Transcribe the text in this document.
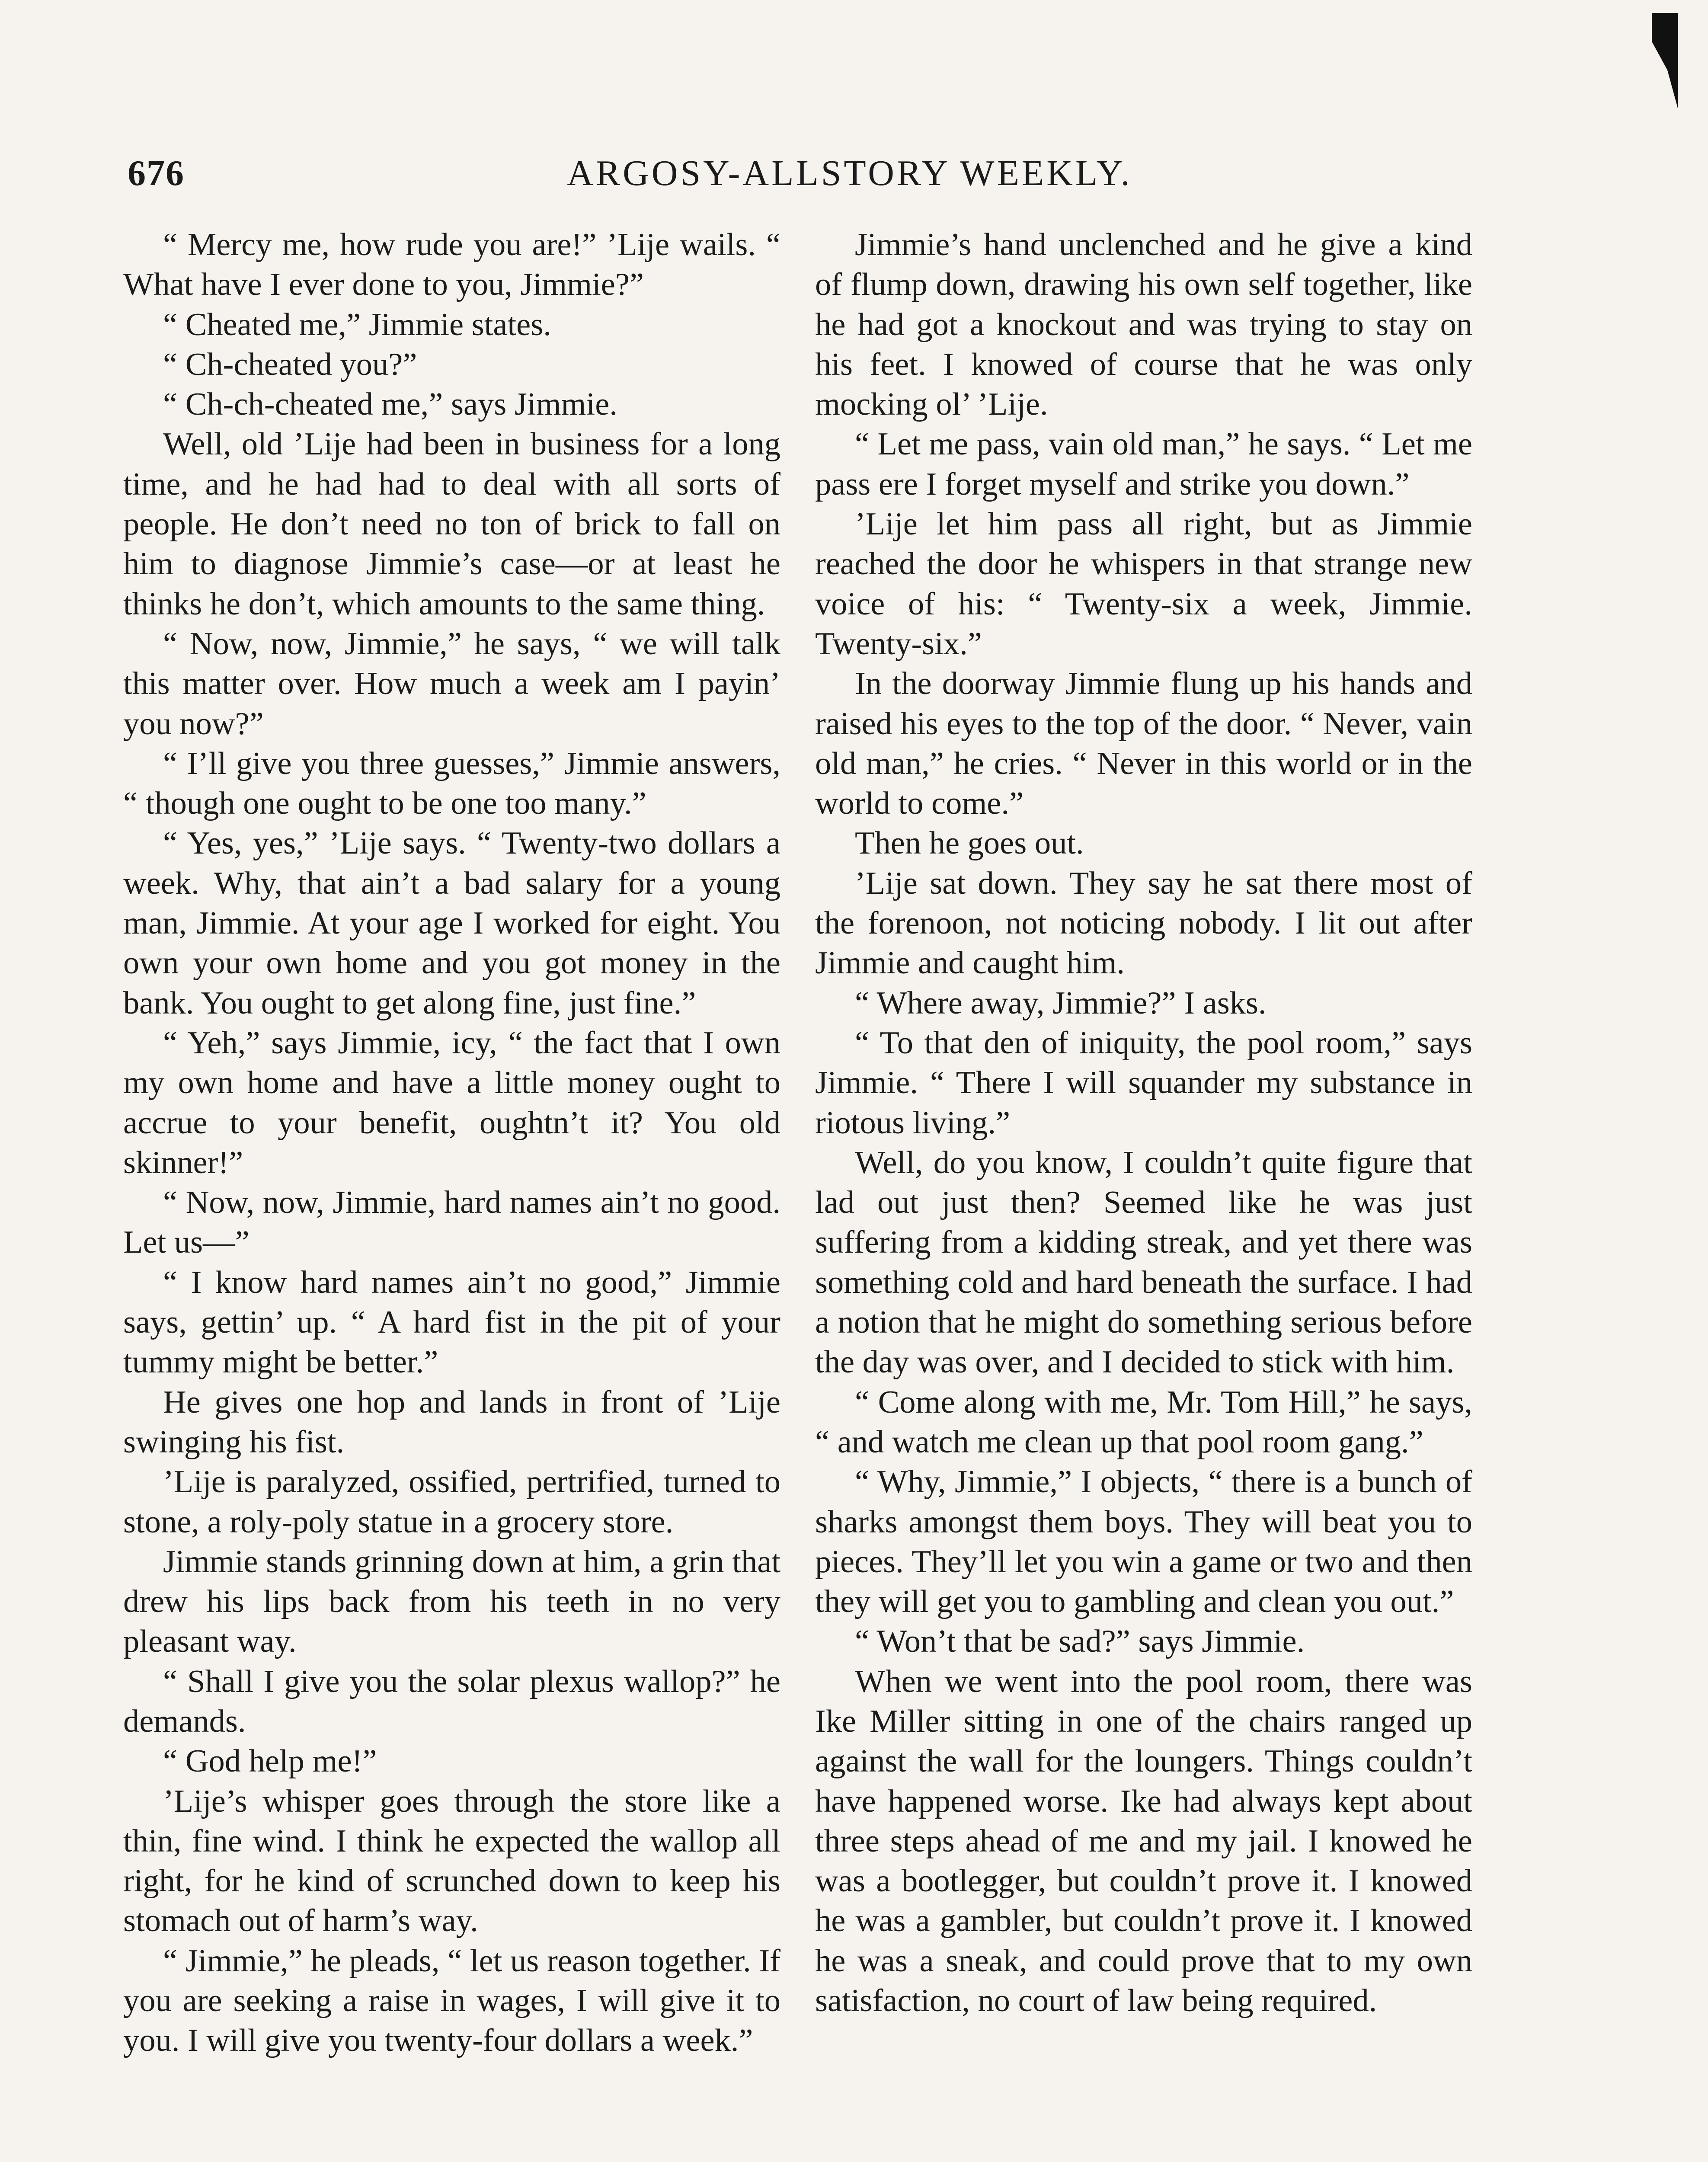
676	ARGOSY-ALLSTORY WEEKLY.

“ Mercy me, how rude you are!” ’Lije wails. “ What have I ever done to you, Jimmie?”

“ Cheated me,” Jimmie states.

“ Ch-cheated you?”

“ Ch-ch-cheated me,” says Jimmie.

Well, old ’Lije had been in business for a long time, and he had had to deal with all sorts of people. He don’t need no ton of brick to fall on him to diagnose Jimmie’s case—or at least he thinks he don’t, which amounts to the same thing.

“ Now, now, Jimmie,” he says, “ we will talk this matter over. How much a week am I payin’ you now?”

“ I’ll give you three guesses,” Jimmie answers, “ though one ought to be one too many.”

“ Yes, yes,” ’Lije says. “ Twenty-two dollars a week. Why, that ain’t a bad salary for a young man, Jimmie. At your age I worked for eight. You own your own home and you got money in the bank. You ought to get along fine, just fine.”

“ Yeh,” says Jimmie, icy, “ the fact that I own my own home and have a little money ought to accrue to your benefit, oughtn’t it? You old skinner!”

“ Now, now, Jimmie, hard names ain’t no good. Let us—”

“ I know hard names ain’t no good,” Jimmie says, gettin’ up. “ A hard fist in the pit of your tummy might be better.”

He gives one hop and lands in front of ’Lije swinging his fist.

’Lije is paralyzed, ossified, pertrified, turned to stone, a roly-poly statue in a grocery store.

Jimmie stands grinning down at him, a grin that drew his lips back from his teeth in no very pleasant way.

“ Shall I give you the solar plexus wallop?” he demands.

“ God help me!”

’Lije’s whisper goes through the store like a thin, fine wind. I think he expected the wallop all right, for he kind of scrunched down to keep his stomach out of harm’s way.

“ Jimmie,” he pleads, “ let us reason together. If you are seeking a raise in wages, I will give it to you. I will give you twenty-four dollars a week.”

Jimmie’s hand unclenched and he give a kind of flump down, drawing his own self together, like he had got a knockout and was trying to stay on his feet. I knowed of course that he was only mocking ol’ ’Lije.

“ Let me pass, vain old man,” he says. “ Let me pass ere I forget myself and strike you down.”

’Lije let him pass all right, but as Jimmie reached the door he whispers in that strange new voice of his: “ Twenty-six a week, Jimmie. Twenty-six.”

In the doorway Jimmie flung up his hands and raised his eyes to the top of the door. “ Never, vain old man,” he cries. “ Never in this world or in the world to come.”

Then he goes out.

’Lije sat down. They say he sat there most of the forenoon, not noticing nobody. I lit out after Jimmie and caught him.

“ Where away, Jimmie?” I asks.

“ To that den of iniquity, the pool room,” says Jimmie. “ There I will squander my substance in riotous living.”

Well, do you know, I couldn’t quite figure that lad out just then? Seemed like he was just suffering from a kidding streak, and yet there was something cold and hard beneath the surface. I had a notion that he might do something serious before the day was over, and I decided to stick with him.

“ Come along with me, Mr. Tom Hill,” he says, “ and watch me clean up that pool room gang.”

“ Why, Jimmie,” I objects, “ there is a bunch of sharks amongst them boys. They will beat you to pieces. They’ll let you win a game or two and then they will get you to gambling and clean you out.”

“ Won’t that be sad?” says Jimmie.

When we went into the pool room, there was Ike Miller sitting in one of the chairs ranged up against the wall for the loungers. Things couldn’t have happened worse. Ike had always kept about three steps ahead of me and my jail. I knowed he was a bootlegger, but couldn’t prove it. I knowed he was a gambler, but couldn’t prove it. I knowed he was a sneak, and could prove that to my own satisfaction, no court of law being required.
